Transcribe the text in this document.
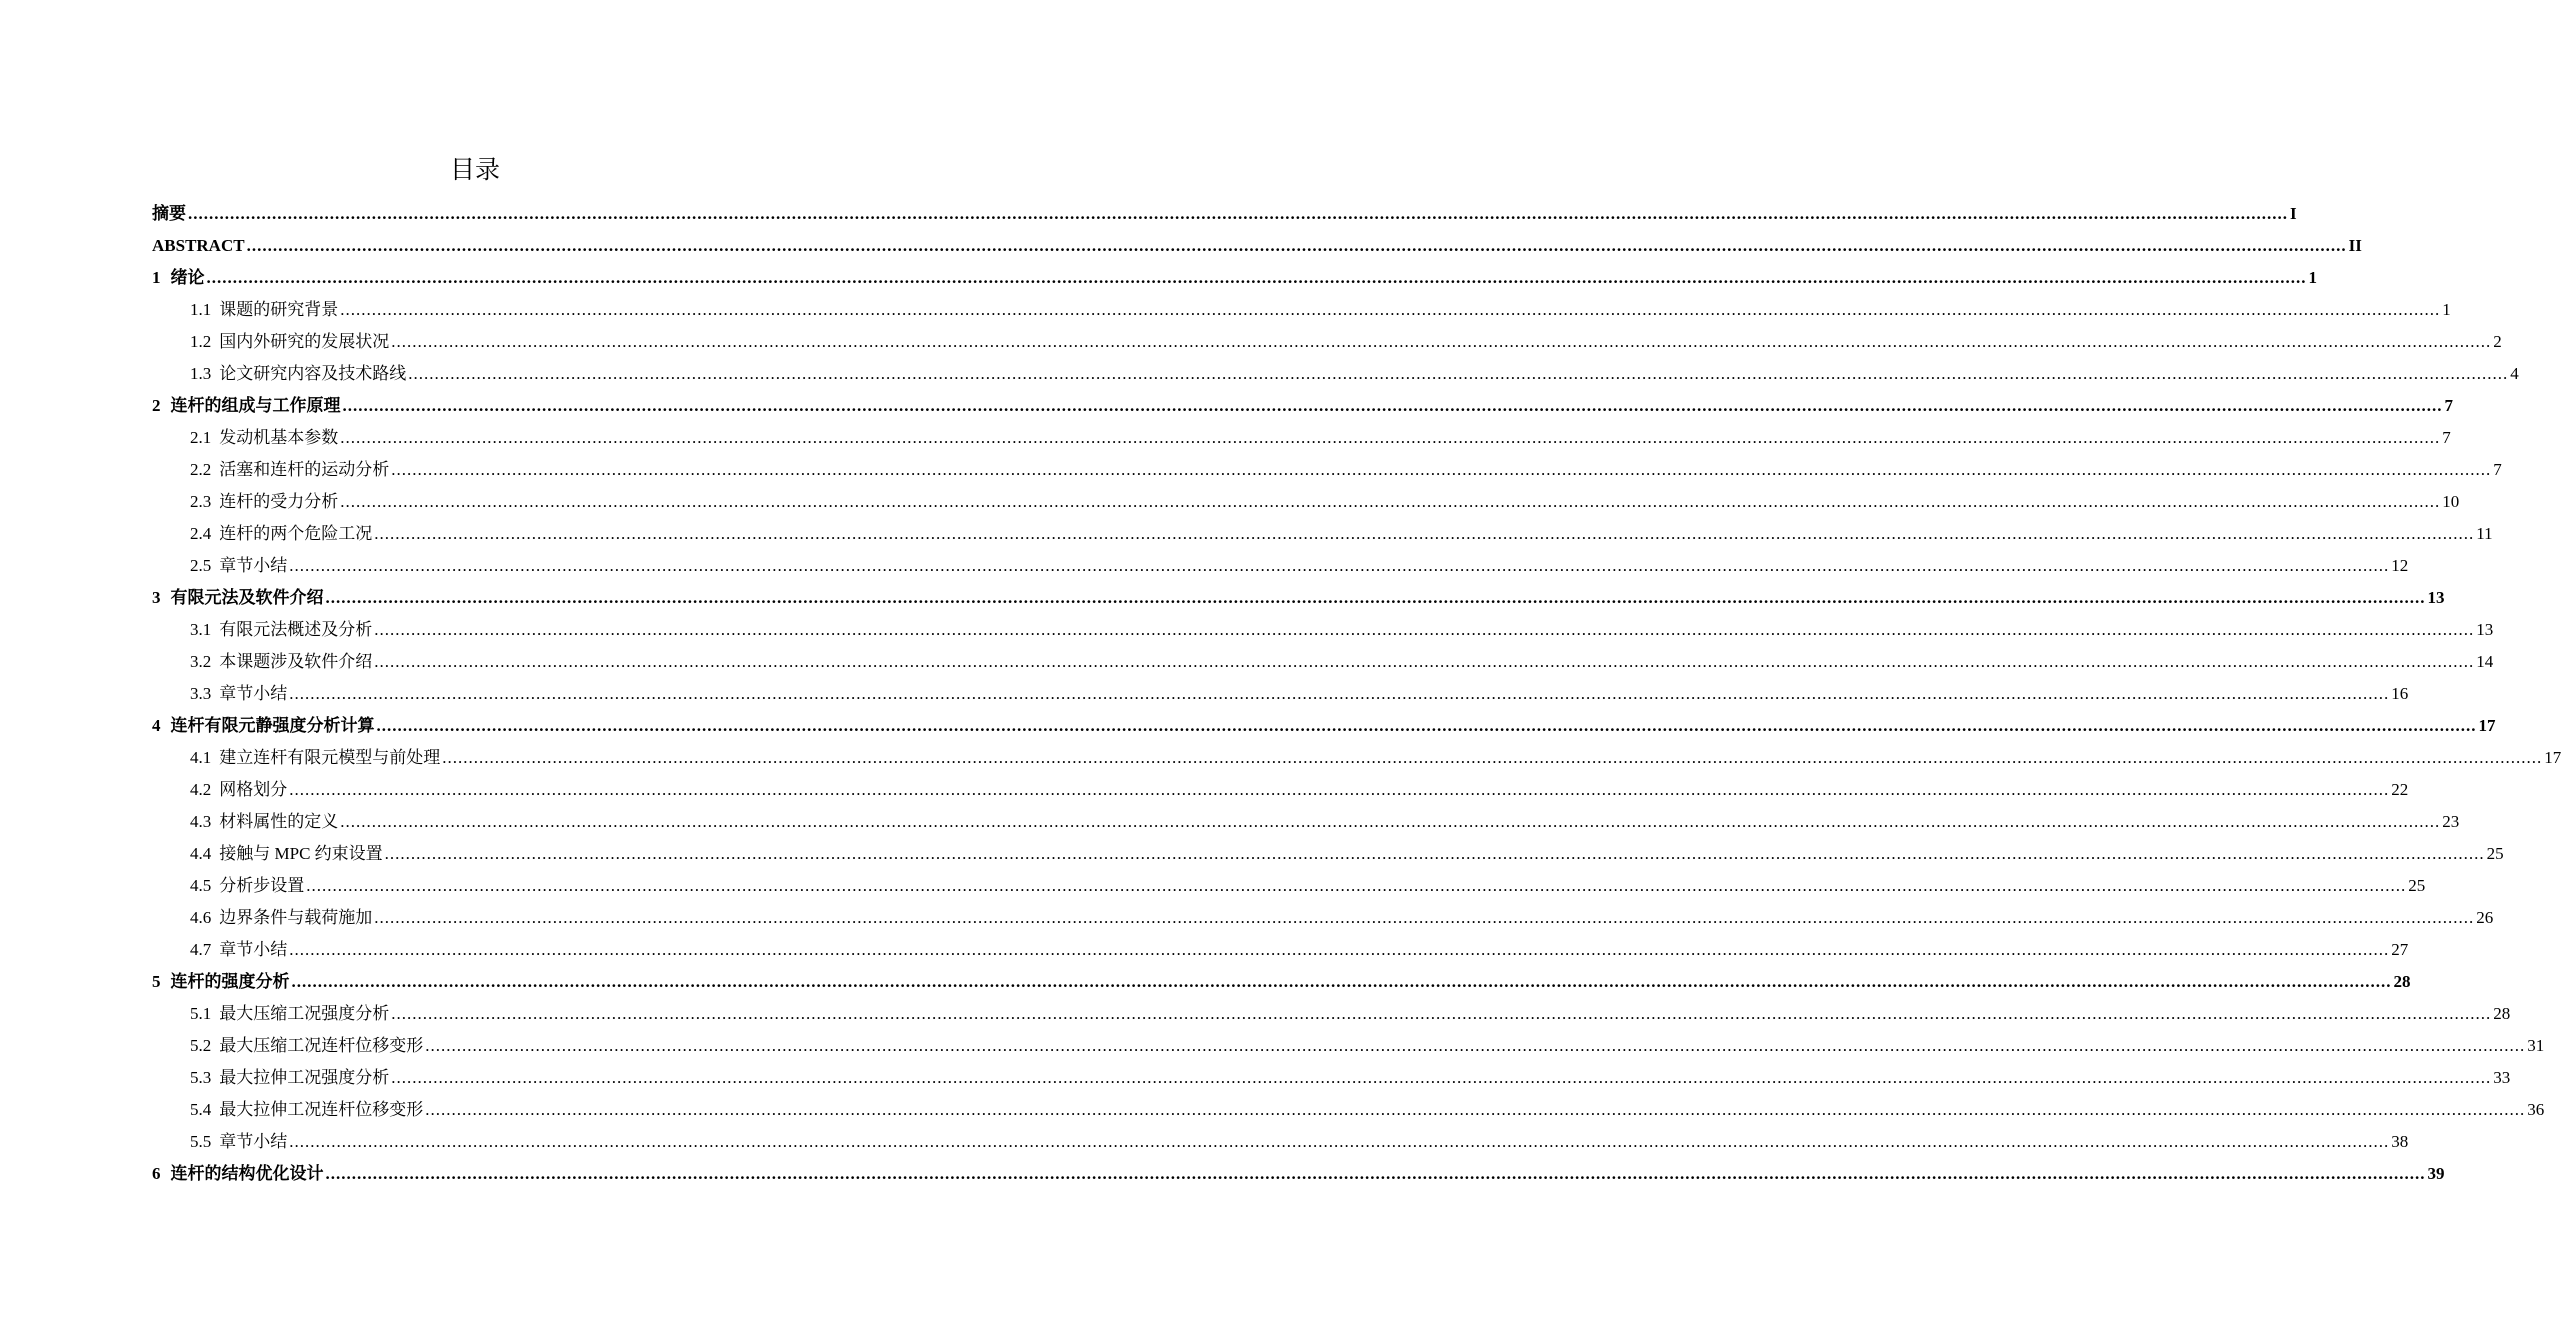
目录
摘要 ................................................................................................................................................................................................................................................................................................................................................................................................................ I
ABSTRACT ................................................................................................................................................................................................................................................................................................................................................................................................................ II
1 绪论 ................................................................................................................................................................................................................................................................................................................................................................................................................ 1
1.1 课题的研究背景 ................................................................................................................................................................................................................................................................................................................................................................................................................ 1
1.2 国内外研究的发展状况 ................................................................................................................................................................................................................................................................................................................................................................................................................ 2
1.3 论文研究内容及技术路线 ................................................................................................................................................................................................................................................................................................................................................................................................................ 4
2 连杆的组成与工作原理 ................................................................................................................................................................................................................................................................................................................................................................................................................ 7
2.1 发动机基本参数 ................................................................................................................................................................................................................................................................................................................................................................................................................ 7
2.2 活塞和连杆的运动分析 ................................................................................................................................................................................................................................................................................................................................................................................................................ 7
2.3 连杆的受力分析 ................................................................................................................................................................................................................................................................................................................................................................................................................ 10
2.4 连杆的两个危险工况 ................................................................................................................................................................................................................................................................................................................................................................................................................ 11
2.5 章节小结 ................................................................................................................................................................................................................................................................................................................................................................................................................ 12
3 有限元法及软件介绍 ................................................................................................................................................................................................................................................................................................................................................................................................................ 13
3.1 有限元法概述及分析 ................................................................................................................................................................................................................................................................................................................................................................................................................ 13
3.2 本课题涉及软件介绍 ................................................................................................................................................................................................................................................................................................................................................................................................................ 14
3.3 章节小结 ................................................................................................................................................................................................................................................................................................................................................................................................................ 16
4 连杆有限元静强度分析计算 ................................................................................................................................................................................................................................................................................................................................................................................................................ 17
4.1 建立连杆有限元模型与前处理 ................................................................................................................................................................................................................................................................................................................................................................................................................ 17
4.2 网格划分 ................................................................................................................................................................................................................................................................................................................................................................................................................ 22
4.3 材料属性的定义 ................................................................................................................................................................................................................................................................................................................................................................................................................ 23
4.4 接触与 MPC 约束设置 ................................................................................................................................................................................................................................................................................................................................................................................................................ 25
4.5 分析步设置 ................................................................................................................................................................................................................................................................................................................................................................................................................ 25
4.6 边界条件与载荷施加 ................................................................................................................................................................................................................................................................................................................................................................................................................ 26
4.7 章节小结 ................................................................................................................................................................................................................................................................................................................................................................................................................ 27
5 连杆的强度分析 ................................................................................................................................................................................................................................................................................................................................................................................................................ 28
5.1 最大压缩工况强度分析 ................................................................................................................................................................................................................................................................................................................................................................................................................ 28
5.2 最大压缩工况连杆位移变形 ................................................................................................................................................................................................................................................................................................................................................................................................................ 31
5.3 最大拉伸工况强度分析 ................................................................................................................................................................................................................................................................................................................................................................................................................ 33
5.4 最大拉伸工况连杆位移变形 ................................................................................................................................................................................................................................................................................................................................................................................................................ 36
5.5 章节小结 ................................................................................................................................................................................................................................................................................................................................................................................................................ 38
6 连杆的结构优化设计 ................................................................................................................................................................................................................................................................................................................................................................................................................ 39
